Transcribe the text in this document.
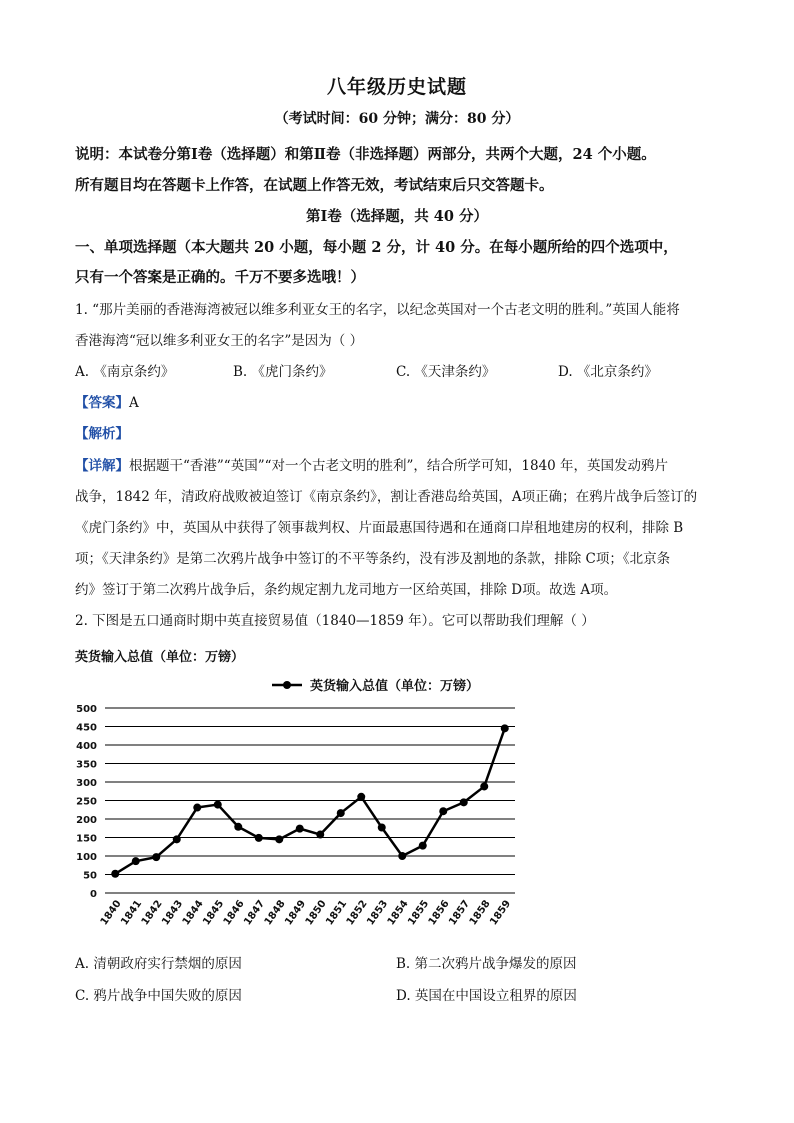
八年级历史试题
（考试时间：60 分钟；满分：80 分）
说明：本试卷分第Ⅰ卷（选择题）和第Ⅱ卷（非选择题）两部分，共两个大题，24 个小题。
所有题目均在答题卡上作答，在试题上作答无效，考试结束后只交答题卡。
第Ⅰ卷（选择题，共 40 分）
一、单项选择题（本大题共 20 小题，每小题 2 分，计 40 分。在每小题所给的四个选项中，
只有一个答案是正确的。千万不要多选哦！）
1. “那片美丽的香港海湾被冠以维多利亚女王的名字，以纪念英国对一个古老文明的胜利。”英国人能将
香港海湾“冠以维多利亚女王的名字”是因为（ ）
A. 《南京条约》	B. 《虎门条约》	C. 《天津条约》	D. 《北京条约》
【答案】A
【解析】
【详解】根据题干“香港”“英国”“对一个古老文明的胜利”，结合所学可知，1840 年，英国发动鸦片
战争，1842 年，清政府战败被迫签订《南京条约》，割让香港岛给英国，A项正确；在鸦片战争后签订的
《虎门条约》中，英国从中获得了领事裁判权、片面最惠国待遇和在通商口岸租地建房的权利，排除 B
项；《天津条约》是第二次鸦片战争中签订的不平等条约，没有涉及割地的条款，排除 C项；《北京条
约》签订于第二次鸦片战争后，条约规定割九龙司地方一区给英国，排除 D项。故选 A项。
2. 下图是五口通商时期中英直接贸易值（1840—1859 年）。它可以帮助我们理解（ ）
英货输入总值（单位：万镑）
英货输入总值（单位：万镑）
0
50
100
150
200
250
300
350
400
450
500
1840
1841
1842
1843
1844
1845
1846
1847
1848
1849
1850
1851
1852
1853
1854
1855
1856
1857
1858
1859
A. 清朝政府实行禁烟的原因	B. 第二次鸦片战争爆发的原因
C. 鸦片战争中国失败的原因	D. 英国在中国设立租界的原因
